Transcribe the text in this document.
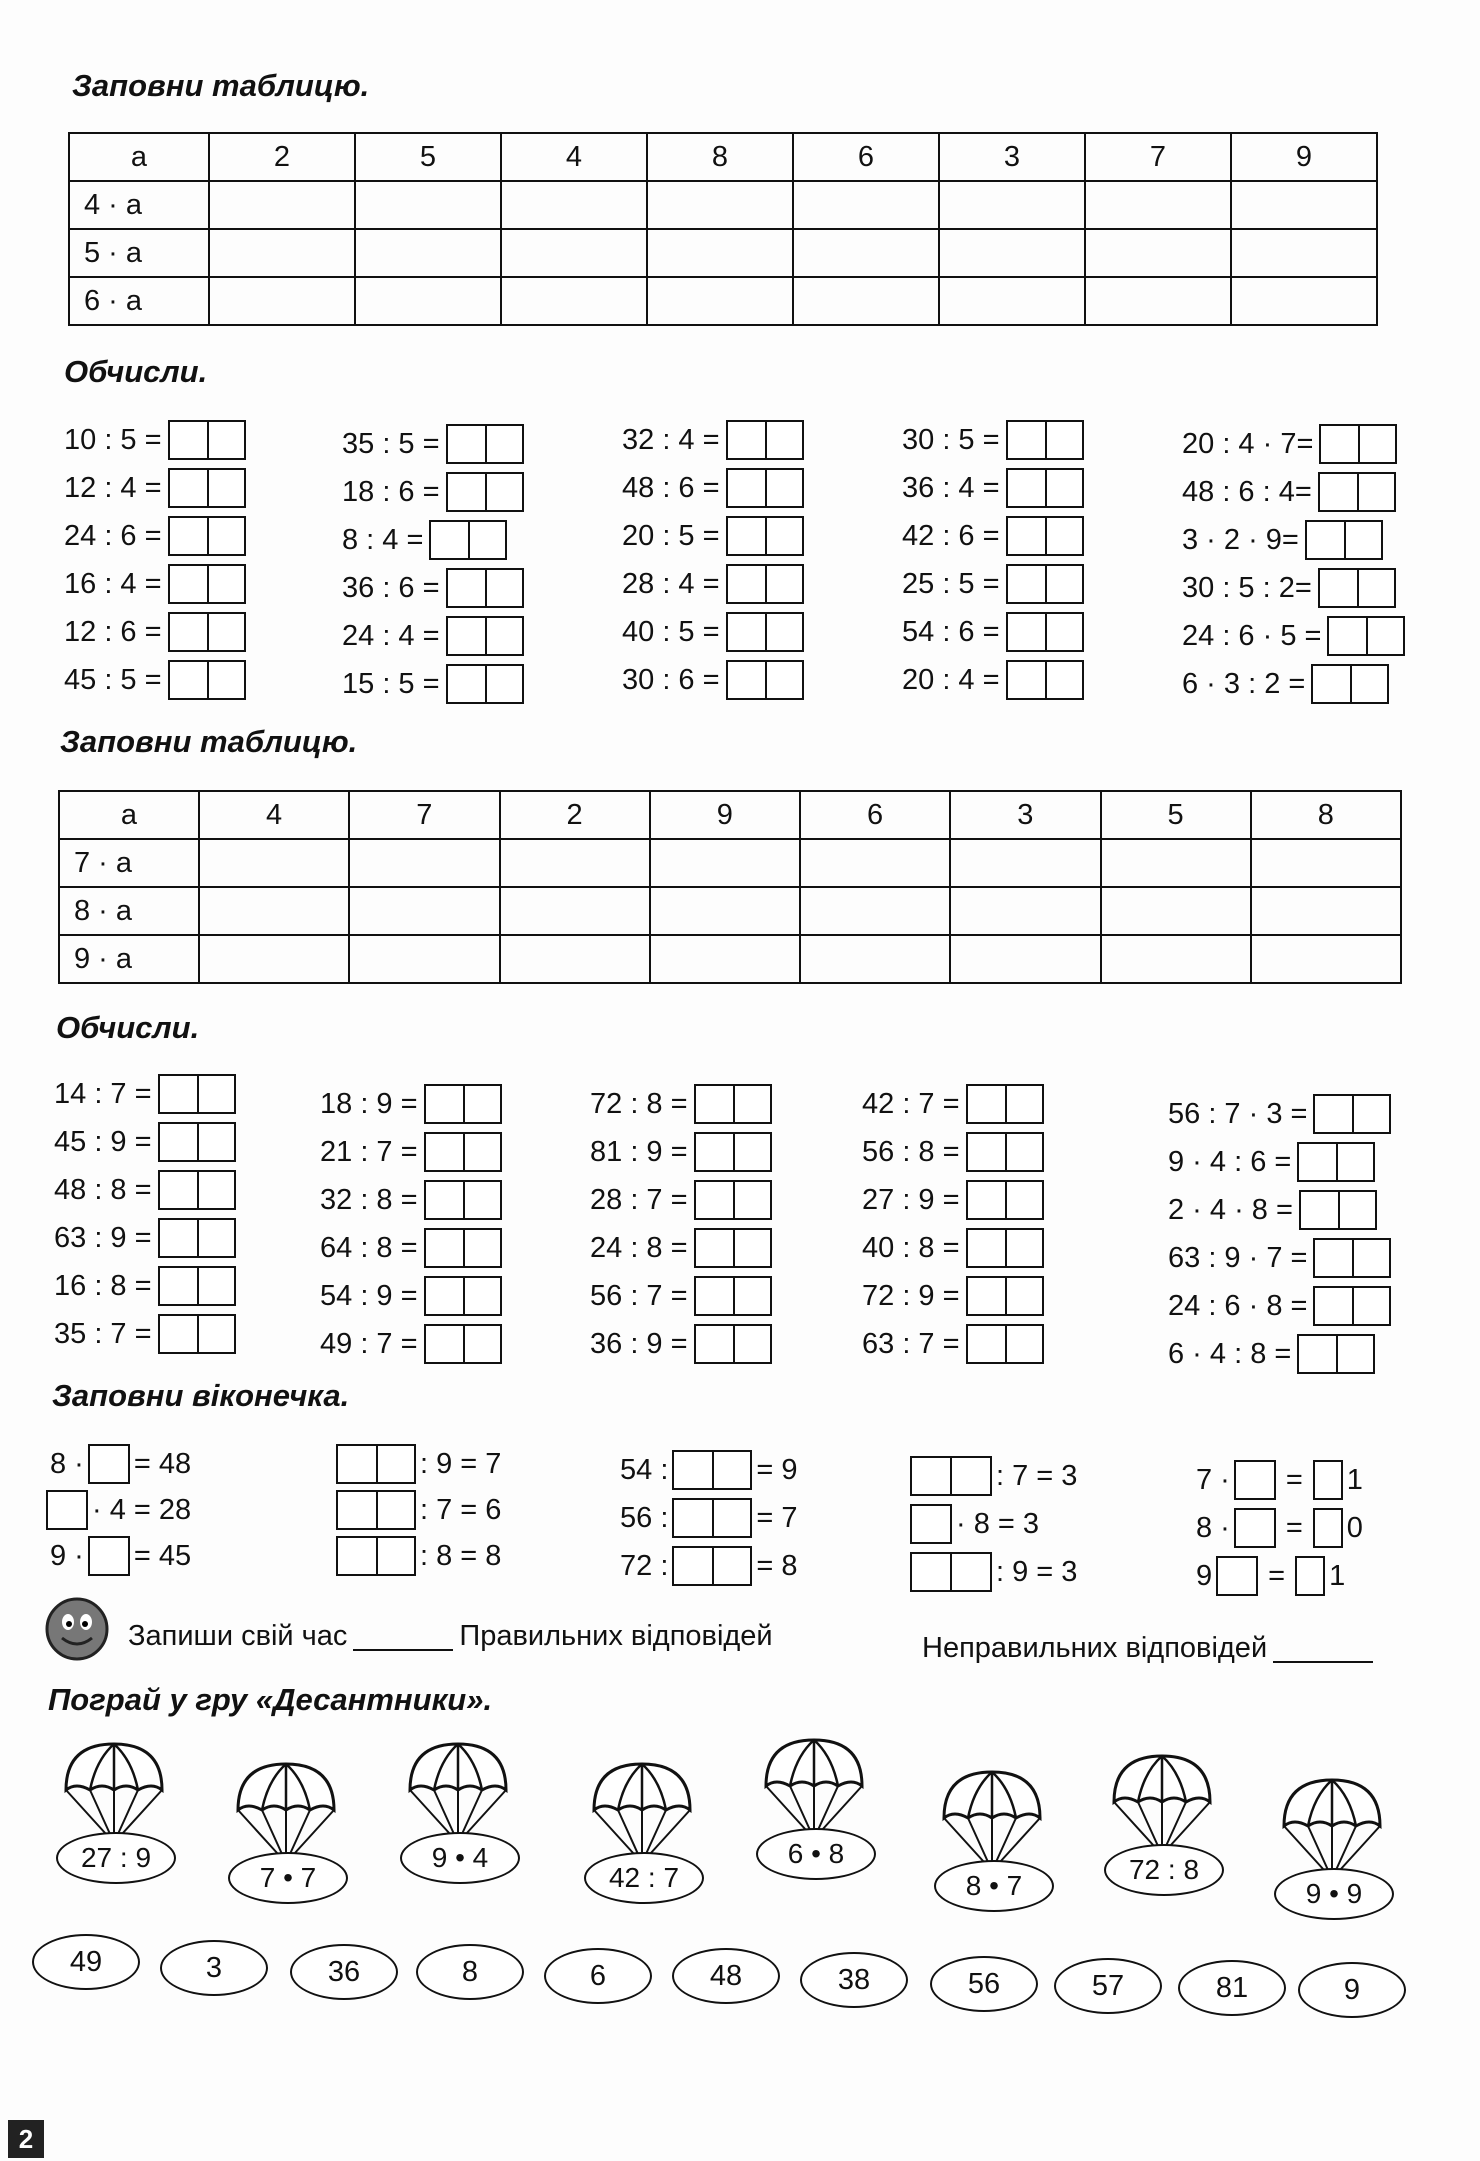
Заповни таблицю.
a	2	5	4	8	6	3	7	9
4 · a								
5 · a								
6 · a								
Обчисли.
10 : 5 =
12 : 4 =
24 : 6 =
16 : 4 =
12 : 6 =
45 : 5 =
35 : 5 =
18 : 6 =
8 : 4 =
36 : 6 =
24 : 4 =
15 : 5 =
32 : 4 =
48 : 6 =
20 : 5 =
28 : 4 =
40 : 5 =
30 : 6 =
30 : 5 =
36 : 4 =
42 : 6 =
25 : 5 =
54 : 6 =
20 : 4 =
20 : 4 · 7=
48 : 6 : 4=
3 · 2 · 9=
30 : 5 : 2=
24 : 6 · 5 =
6 · 3 : 2 =
Заповни таблицю.
a	4	7	2	9	6	3	5	8
7 · a								
8 · a								
9 · a								
Обчисли.
14 : 7 =
45 : 9 =
48 : 8 =
63 : 9 =
16 : 8 =
35 : 7 =
18 : 9 =
21 : 7 =
32 : 8 =
64 : 8 =
54 : 9 =
49 : 7 =
72 : 8 =
81 : 9 =
28 : 7 =
24 : 8 =
56 : 7 =
36 : 9 =
42 : 7 =
56 : 8 =
27 : 9 =
40 : 8 =
72 : 9 =
63 : 7 =
56 : 7 · 3 =
9 · 4 : 6 =
2 · 4 · 8 =
63 : 9 · 7 =
24 : 6 · 8 =
6 · 4 : 8 =
Заповни віконечка.
8 · = 48
· 4 = 28
9 · = 45
: 9 = 7
: 7 = 6
: 8 = 8
54 :	= 9
56 :	= 7
72 :	= 8
: 7 = 3
· 8 = 3
: 9 = 3
7 · = 1
8 · = 0
9 = 1
Запиши свій час	Правильних відповідей	Неправильних відповідей
Пограй у гру «Десантники».
27 : 9
7 • 7
9 • 4
42 : 7
6 • 8
8 • 7
72 : 8
9 • 9
49	3	36	8	6	48	38	56	57	81	9
2
